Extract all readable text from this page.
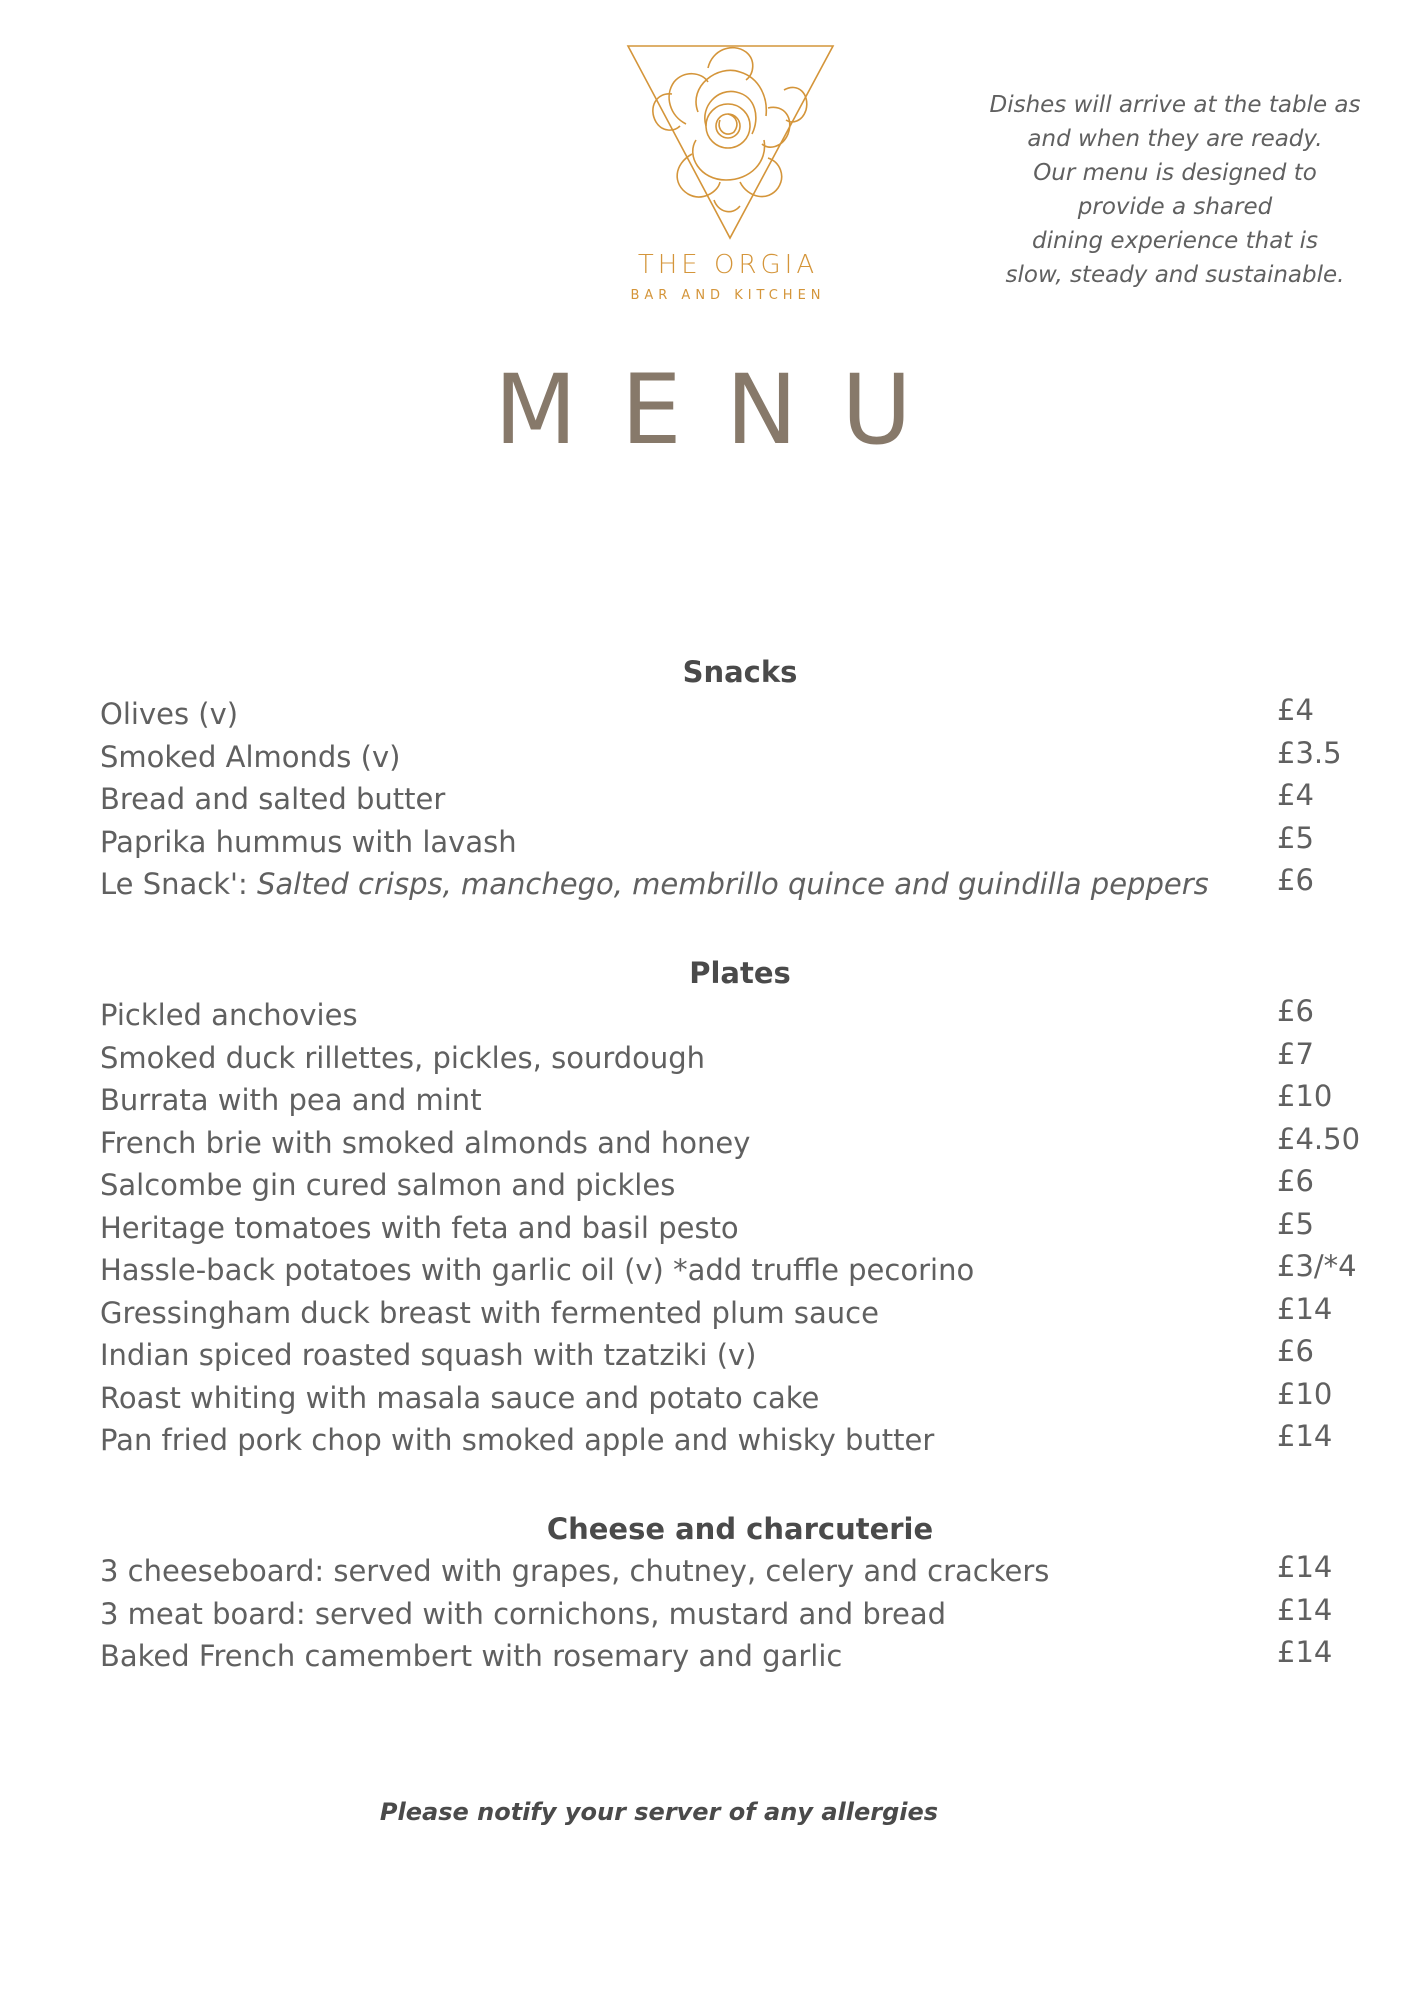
THE ORGIA
BAR AND KITCHEN
Dishes will arrive at the table as
and when they are ready.
Our menu is designed to
provide a shared
dining experience that is
slow, steady and sustainable.
MENU
Snacks
Olives (v)	£4
Smoked Almonds (v)	£3.5
Bread and salted butter	£4
Paprika hummus with lavash	£5
Le Snack': Salted crisps, manchego, membrillo quince and guindilla peppers £6
Plates
Pickled anchovies	£6
Smoked duck rillettes, pickles, sourdough	£7
Burrata with pea and mint	£10
French brie with smoked almonds and honey	£4.50
Salcombe gin cured salmon and pickles	£6
Heritage tomatoes with feta and basil pesto	£5
Hassle-back potatoes with garlic oil (v) *add truffle pecorino	£3/*4
Gressingham duck breast with fermented plum sauce	£14
Indian spiced roasted squash with tzatziki (v)	£6
Roast whiting with masala sauce and potato cake	£10
Pan fried pork chop with smoked apple and whisky butter	£14
Cheese and charcuterie
3 cheeseboard: served with grapes, chutney, celery and crackers	£14
3 meat board: served with cornichons, mustard and bread	£14
Baked French camembert with rosemary and garlic	£14
Please notify your server of any allergies
